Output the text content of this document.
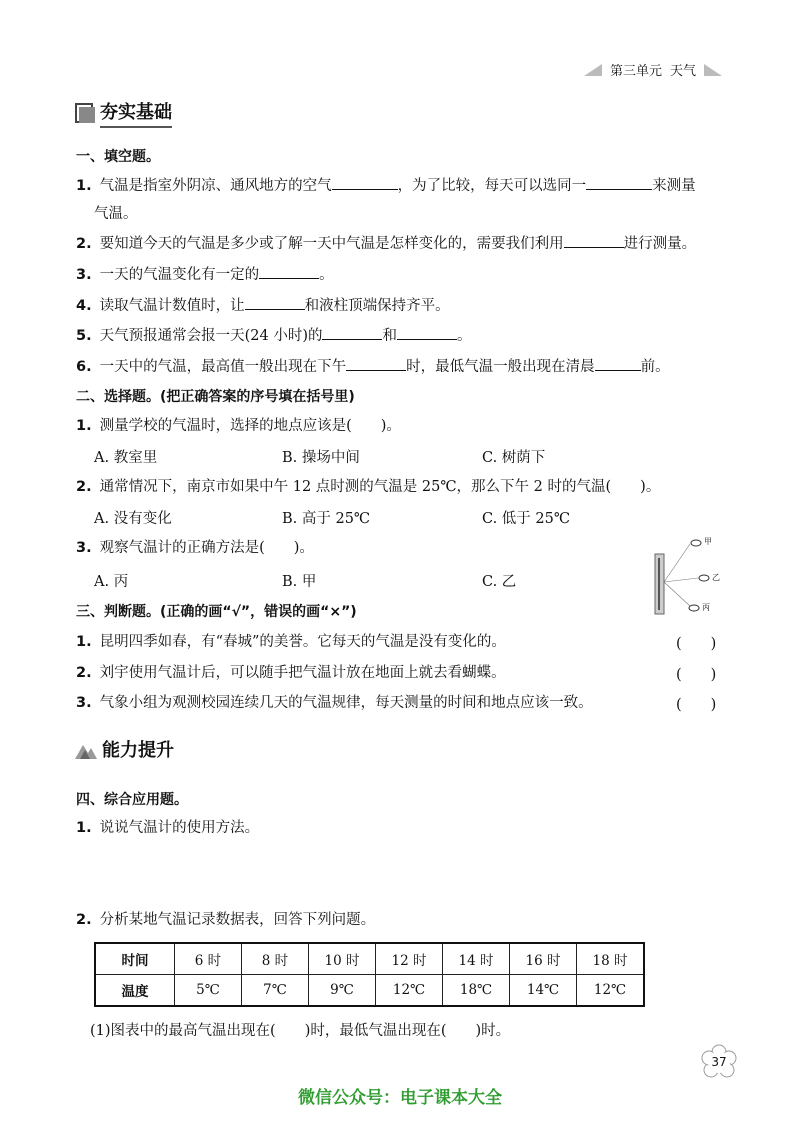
第三单元 天气
夯实基础
一、填空题。
1. 气温是指室外阴凉、通风地方的空气	，为了比较，每天可以选同一	来测量
气温。
2. 要知道今天的气温是多少或了解一天中气温是怎样变化的，需要我们利用	进行测量。
3. 一天的气温变化有一定的	。
4. 读取气温计数值时，让	和液柱顶端保持齐平。
5. 天气预报通常会报一天(24 小时)的	和	。
6. 一天中的气温，最高值一般出现在下午	时，最低气温一般出现在清晨	前。
二、选择题。(把正确答案的序号填在括号里)
1. 测量学校的气温时，选择的地点应该是(　　)。
A. 教室里	B. 操场中间	C. 树荫下
2. 通常情况下，南京市如果中午 12 点时测的气温是 25℃，那么下午 2 时的气温(　　)。
A. 没有变化	B. 高于 25℃	C. 低于 25℃
3. 观察气温计的正确方法是(　　)。
A. 丙	B. 甲	C. 乙
甲
乙
丙
三、判断题。(正确的画“√”，错误的画“×”)
1. 昆明四季如春，有“春城”的美誉。它每天的气温是没有变化的。	(　　)
2. 刘宇使用气温计后，可以随手把气温计放在地面上就去看蝴蝶。	(　　)
3. 气象小组为观测校园连续几天的气温规律，每天测量的时间和地点应该一致。	(　　)
能力提升
四、综合应用题。
1. 说说气温计的使用方法。
2. 分析某地气温记录数据表，回答下列问题。
时间	6 时	8 时	10 时	12 时	14 时	16 时	18 时
温度	5℃	7℃	9℃	12℃	18℃	14℃	12℃
(1)图表中的最高气温出现在(　　)时，最低气温出现在(　　)时。
37
微信公众号：电子课本大全
